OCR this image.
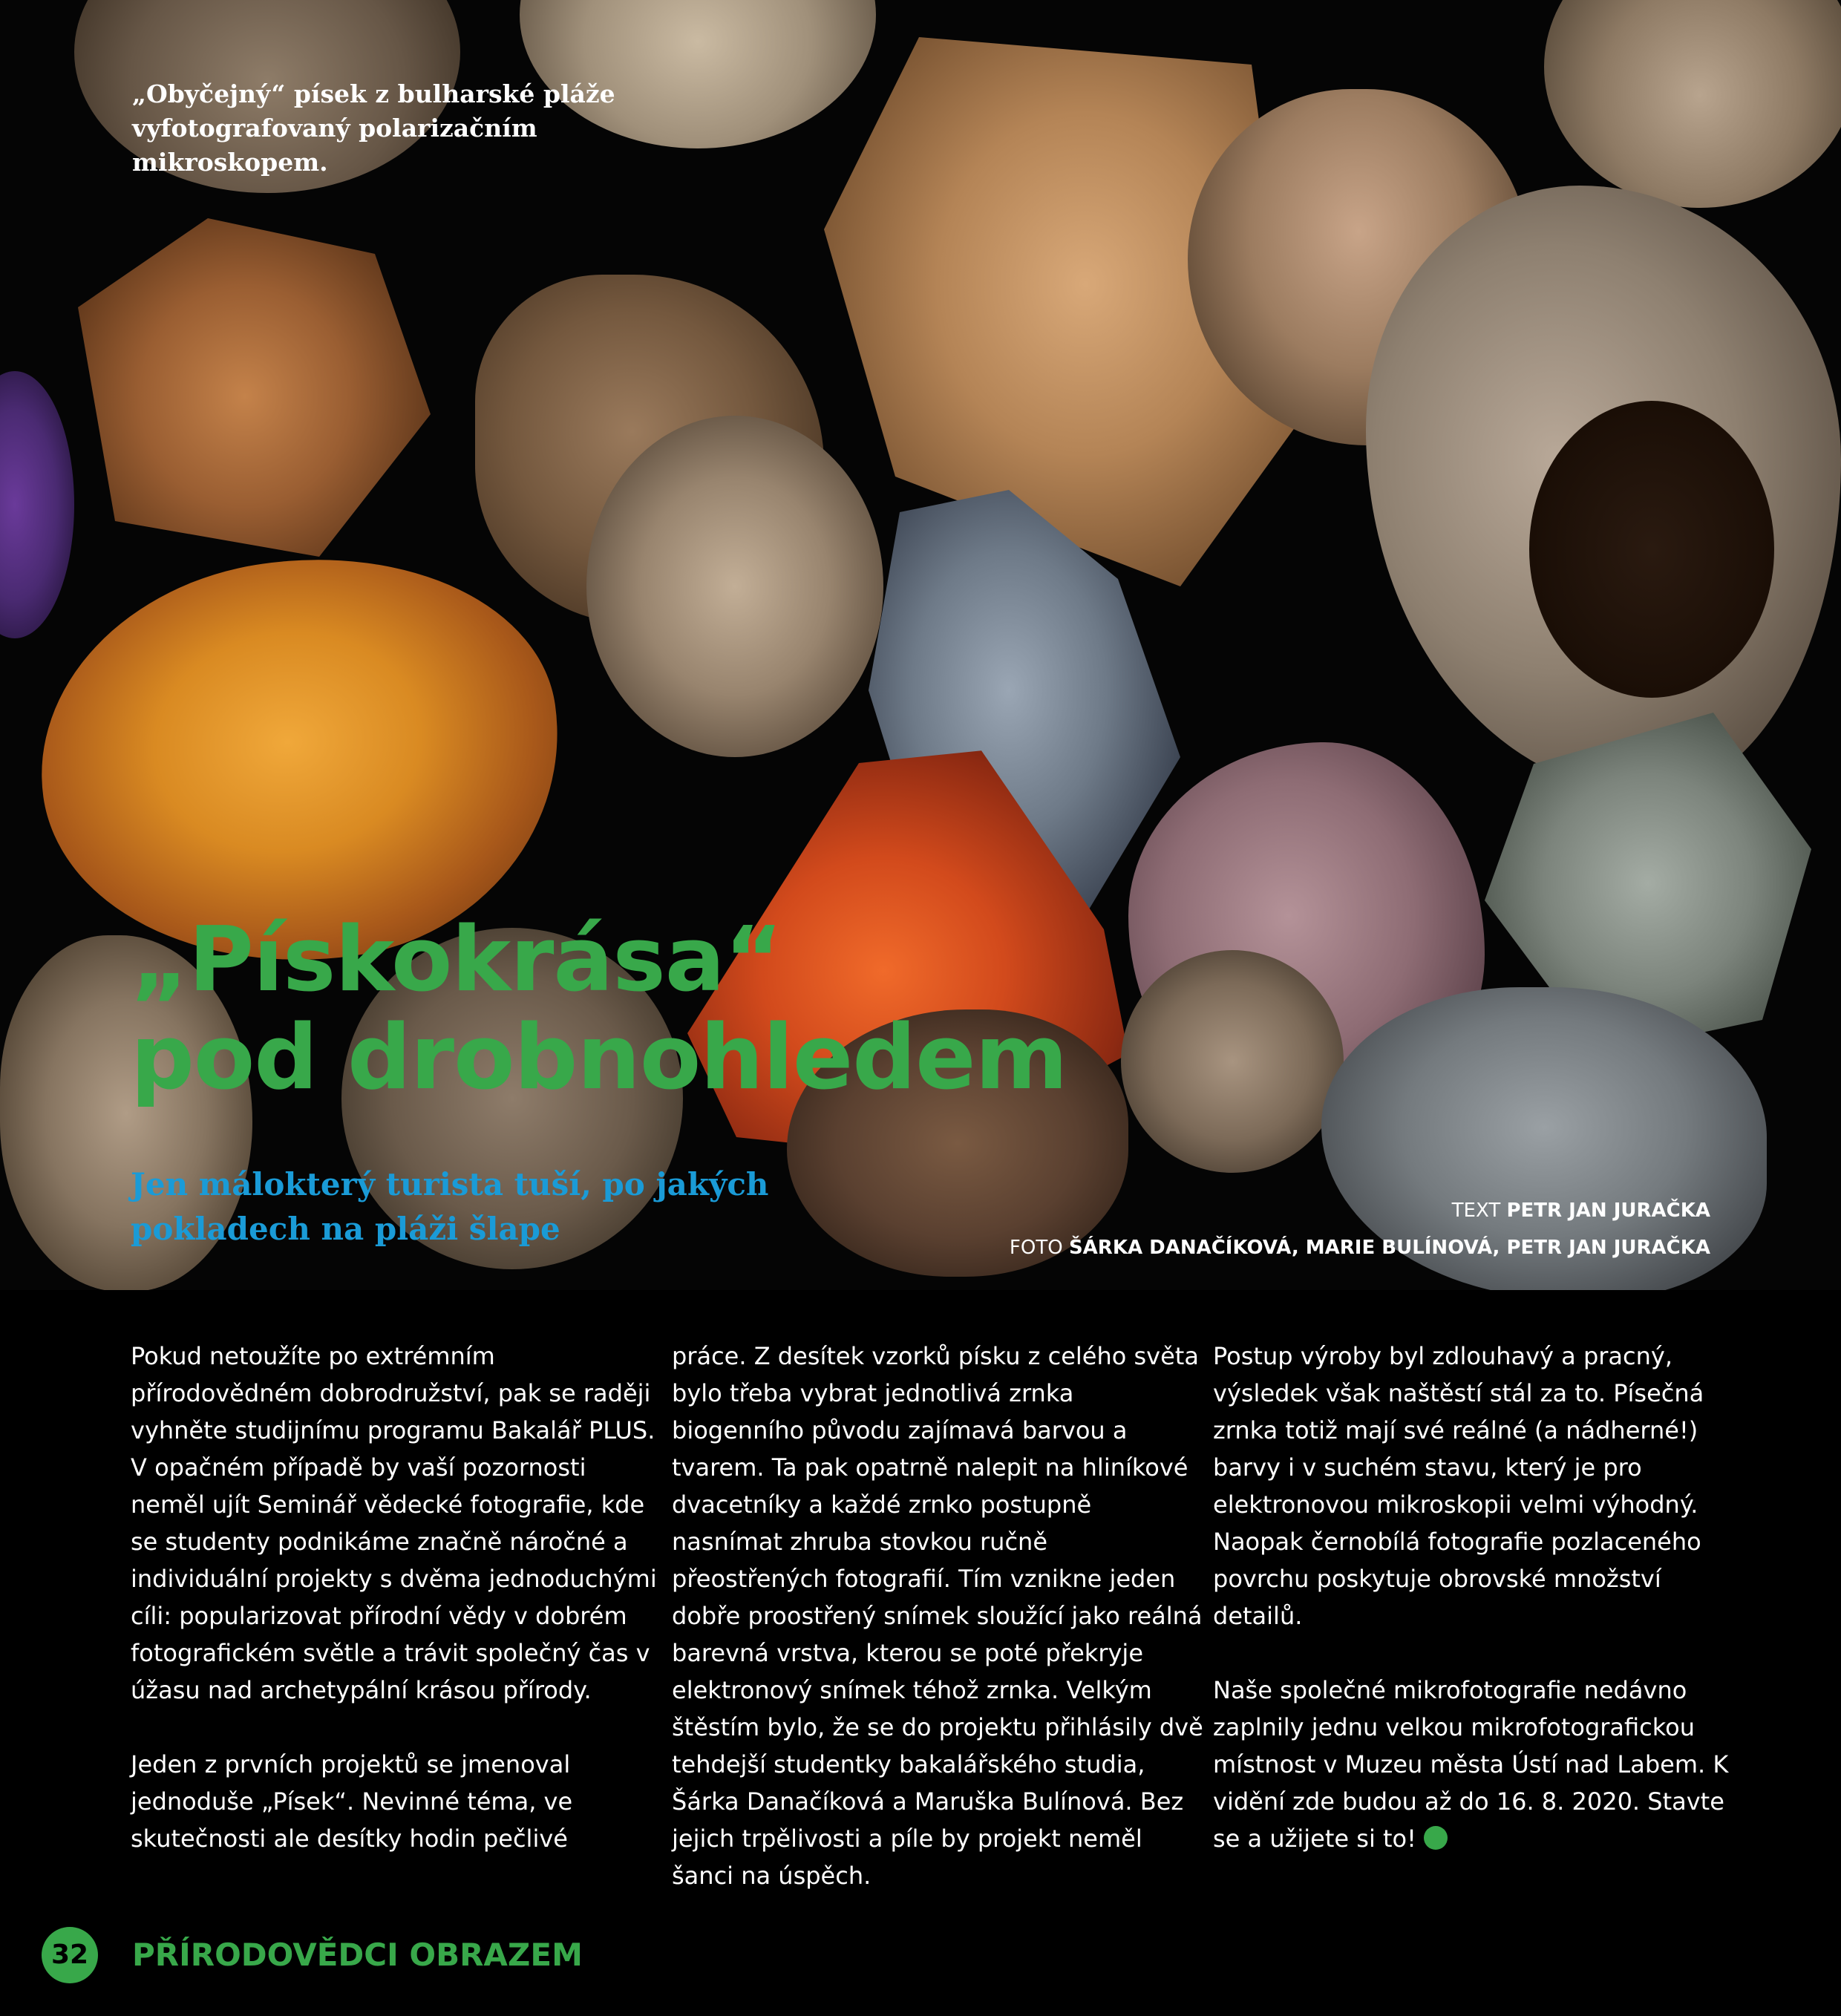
„Obyčejný“ písek z bulharské pláže vyfotografovaný polarizačním mikroskopem.
„Pískokrása“
pod drobnohledem
Jen málokterý turista tuší, po jakých pokladech na pláži šlape	TEXT PETR JAN JURAČKA
FOTO ŠÁRKA DANAČÍKOVÁ, MARIE BULÍNOVÁ, PETR JAN JURAČKA

Pokud netoužíte po extrémním přírodovědném dobrodružství, pak se raději vyhněte studijnímu programu Bakalář PLUS. V opačném případě by vaší pozornosti neměl ujít Seminář vědecké fotografie, kde se studenty podnikáme značně náročné a individuální projekty s dvěma jednoduchými cíli: popularizovat přírodní vědy v dobrém fotografickém světle a trávit společný čas v úžasu nad archetypální krásou přírody.

Jeden z prvních projektů se jmenoval jednoduše „Písek“. Nevinné téma, ve skutečnosti ale desítky hodin pečlivé

práce. Z desítek vzorků písku z celého světa bylo třeba vybrat jednotlivá zrnka biogenního původu zajímavá barvou a tvarem. Ta pak opatrně nalepit na hliníkové dvacetníky a každé zrnko postupně nasnímat zhruba stovkou ručně přeostřených fotografií. Tím vznikne jeden dobře proostřený snímek sloužící jako reálná barevná vrstva, kterou se poté překryje elektronový snímek téhož zrnka. Velkým štěstím bylo, že se do projektu přihlásily dvě tehdejší studentky bakalářského studia, Šárka Danačíková a Maruška Bulínová. Bez jejich trpělivosti a píle by projekt neměl šanci na úspěch.

Postup výroby byl zdlouhavý a pracný, výsledek však naštěstí stál za to. Písečná zrnka totiž mají své reálné (a nádherné!) barvy i v suchém stavu, který je pro elektronovou mikroskopii velmi výhodný. Naopak černobílá fotografie pozlaceného povrchu poskytuje obrovské množství detailů.

Naše společné mikrofotografie nedávno zaplnily jednu velkou mikrofotografickou místnost v Muzeu města Ústí nad Labem. K vidění zde budou až do 16. 8. 2020. Stavte se a užijete si to!

32	PŘÍRODOVĚDCI OBRAZEM
